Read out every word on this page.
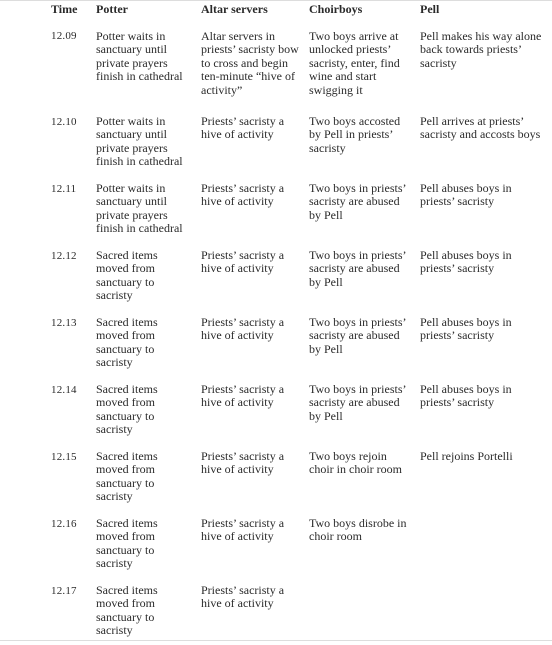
Time	Potter	Altar servers	Choirboys	Pell
12.09	Potter waits in sanctuary until private prayers finish in cathedral	Altar servers in priests’ sacristy bow to cross and begin ten-minute “hive of activity”	Two boys arrive at unlocked priests’ sacristy, enter, find wine and start swigging it	Pell makes his way alone back towards priests’ sacristy
12.10	Potter waits in sanctuary until private prayers finish in cathedral	Priests’ sacristy a hive of activity	Two boys accosted by Pell in priests’ sacristy	Pell arrives at priests’ sacristy and accosts boys
12.11	Potter waits in sanctuary until private prayers finish in cathedral	Priests’ sacristy a hive of activity	Two boys in priests’ sacristy are abused by Pell	Pell abuses boys in priests’ sacristy
12.12	Sacred items moved from sanctuary to sacristy	Priests’ sacristy a hive of activity	Two boys in priests’ sacristy are abused by Pell	Pell abuses boys in priests’ sacristy
12.13	Sacred items moved from sanctuary to sacristy	Priests’ sacristy a hive of activity	Two boys in priests’ sacristy are abused by Pell	Pell abuses boys in priests’ sacristy
12.14	Sacred items moved from sanctuary to sacristy	Priests’ sacristy a hive of activity	Two boys in priests’ sacristy are abused by Pell	Pell abuses boys in priests’ sacristy
12.15	Sacred items moved from sanctuary to sacristy	Priests’ sacristy a hive of activity	Two boys rejoin choir in choir room	Pell rejoins Portelli
12.16	Sacred items moved from sanctuary to sacristy	Priests’ sacristy a hive of activity	Two boys disrobe in choir room	
12.17	Sacred items moved from sanctuary to sacristy	Priests’ sacristy a hive of activity		
